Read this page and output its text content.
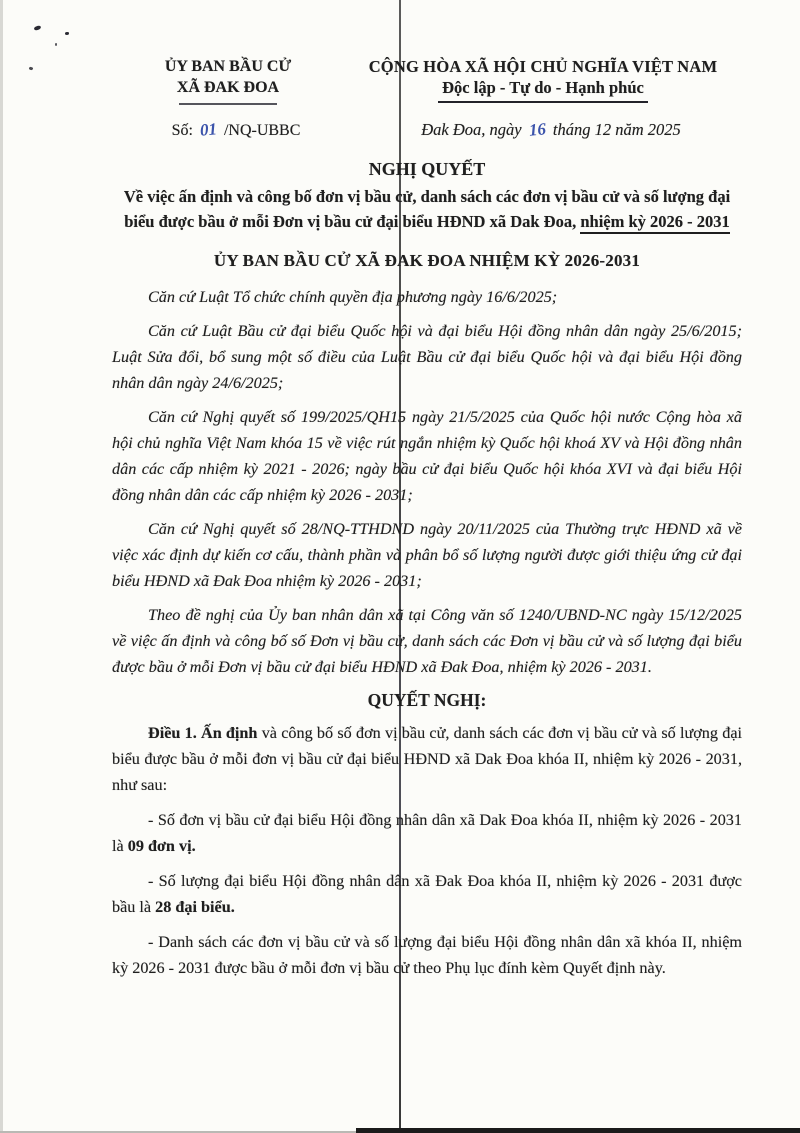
ỦY BAN BẦU CỬ
XÃ ĐAK ĐOA
CỘNG HÒA XÃ HỘI CHỦ NGHĨA VIỆT NAM
Độc lập - Tự do - Hạnh phúc
Số: 01 /NQ-UBBC	Đak Đoa, ngày 16 tháng 12 năm 2025
NGHỊ QUYẾT
Về việc ấn định và công bố đơn vị bầu cử, danh sách các đơn vị bầu cử và số lượng đại biểu được bầu ở mỗi Đơn vị bầu cử đại biểu HĐND xã Dak Đoa, nhiệm kỳ 2026 - 2031
ỦY BAN BẦU CỬ XÃ ĐAK ĐOA NHIỆM KỲ 2026-2031

Căn cứ Luật Tổ chức chính quyền địa phương ngày 16/6/2025;

Căn cứ Luật Bầu cử đại biểu Quốc hội và đại biểu Hội đồng nhân dân ngày 25/6/2015; Luật Sửa đổi, bổ sung một số điều của Luật Bầu cử đại biểu Quốc hội và đại biểu Hội đồng nhân dân ngày 24/6/2025;

Căn cứ Nghị quyết số 199/2025/QH15 ngày 21/5/2025 của Quốc hội nước Cộng hòa xã hội chủ nghĩa Việt Nam khóa 15 về việc rút ngắn nhiệm kỳ Quốc hội khoá XV và Hội đồng nhân dân các cấp nhiệm kỳ 2021 - 2026; ngày bầu cử đại biểu Quốc hội khóa XVI và đại biểu Hội đồng nhân dân các cấp nhiệm kỳ 2026 - 2031;

Căn cứ Nghị quyết số 28/NQ-TTHDND ngày 20/11/2025 của Thường trực HĐND xã về việc xác định dự kiến cơ cấu, thành phần và phân bổ số lượng người được giới thiệu ứng cử đại biểu HĐND xã Đak Đoa nhiệm kỳ 2026 - 2031;

Theo đề nghị của Ủy ban nhân dân xã tại Công văn số 1240/UBND-NC ngày 15/12/2025 về việc ấn định và công bố số Đơn vị bầu cử, danh sách các Đơn vị bầu cử và số lượng đại biểu được bầu ở mỗi Đơn vị bầu cử đại biểu HĐND xã Đak Đoa, nhiệm kỳ 2026 - 2031.

QUYẾT NGHỊ:

Điều 1. Ấn định và công bố số đơn vị bầu cử, danh sách các đơn vị bầu cử và số lượng đại biểu được bầu ở mỗi đơn vị bầu cử đại biểu HĐND xã Dak Đoa khóa II, nhiệm kỳ 2026 - 2031, như sau:

- Số đơn vị bầu cử đại biểu Hội đồng nhân dân xã Dak Đoa khóa II, nhiệm kỳ 2026 - 2031 là 09 đơn vị.

- Số lượng đại biểu Hội đồng nhân dân xã Đak Đoa khóa II, nhiệm kỳ 2026 - 2031 được bầu là 28 đại biểu.

- Danh sách các đơn vị bầu cử và số lượng đại biểu Hội đồng nhân dân xã khóa II, nhiệm kỳ 2026 - 2031 được bầu ở mỗi đơn vị bầu cử theo Phụ lục đính kèm Quyết định này.
